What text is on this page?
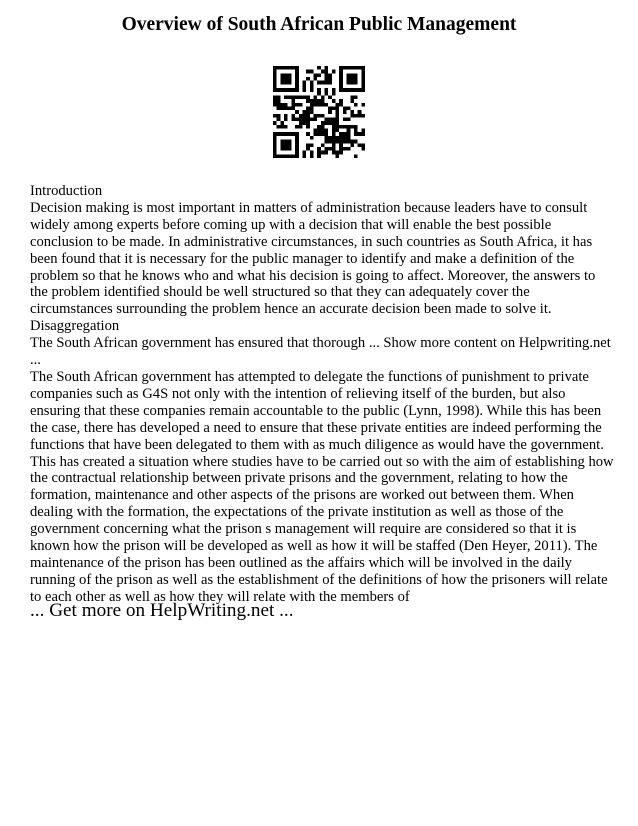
Overview of South African Public Management

Introduction

Decision making is most important in matters of administration because leaders have to consult widely among experts before coming up with a decision that will enable the best possible conclusion to be made. In administrative circumstances, in such countries as South Africa, it has been found that it is necessary for the public manager to identify and make a definition of the problem so that he knows who and what his decision is going to affect. Moreover, the answers to the problem identified should be well structured so that they can adequately cover the circumstances surrounding the problem hence an accurate decision been made to solve it.

Disaggregation

The South African government has ensured that thorough ... Show more content on Helpwriting.net ...

The South African government has attempted to delegate the functions of punishment to private companies such as G4S not only with the intention of relieving itself of the burden, but also ensuring that these companies remain accountable to the public (Lynn, 1998). While this has been the case, there has developed a need to ensure that these private entities are indeed performing the functions that have been delegated to them with as much diligence as would have the government.

This has created a situation where studies have to be carried out so with the aim of establishing how the contractual relationship between private prisons and the government, relating to how the formation, maintenance and other aspects of the prisons are worked out between them. When dealing with the formation, the expectations of the private institution as well as those of the government concerning what the prison s management will require are considered so that it is known how the prison will be developed as well as how it will be staffed (Den Heyer, 2011). The maintenance of the prison has been outlined as the affairs which will be involved in the daily running of the prison as well as the establishment of the definitions of how the prisoners will relate to each other as well as how they will relate with the members of

... Get more on HelpWriting.net ...
